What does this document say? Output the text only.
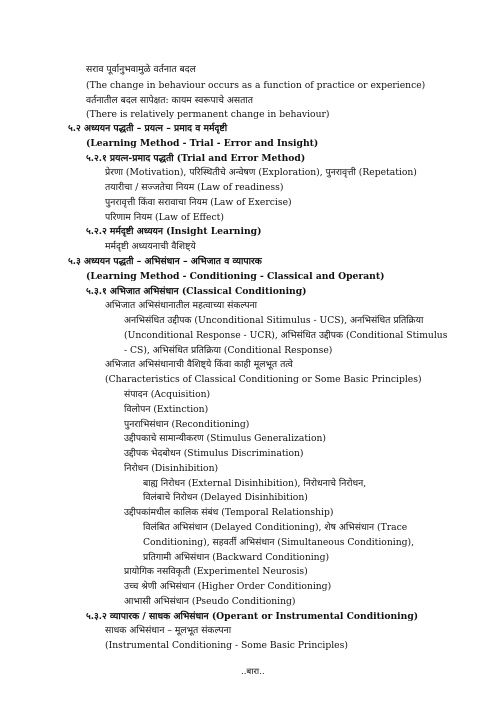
सराव पूर्वानुभवामुळे वर्तनात बदल
(The change in behaviour occurs as a function of practice or experience)
वर्तनातील बदल सापेक्षत: कायम स्वरूपाचे असतात
(There is relatively permanent change in behaviour)
५.२ अध्ययन पद्धती – प्रयत्न – प्रमाद व मर्मदृष्टी
(Learning Method - Trial - Error and Insight)
५.२.१ प्रयत्न-प्रमाद पद्धती (Trial and Error Method)
प्रेरणा (Motivation), परिस्थितीचे अन्वेषण (Exploration), पुनरावृत्ती (Repetation)
तयारीचा / सज्जतेचा नियम (Law of readiness)
पुनरावृत्ती किंवा सरावाचा नियम (Law of Exercise)
परिणाम नियम (Law of Effect)
५.२.२ मर्मदृष्टी अध्ययन (Insight Learning)
मर्मदृष्टी अध्ययनाची वैशिष्ट्ये
५.३ अध्ययन पद्धती – अभिसंधान – अभिजात व व्यापारक
(Learning Method - Conditioning - Classical and Operant)
५.३.१ अभिजात अभिसंधान (Classical Conditioning)
अभिजात अभिसंधानातील महत्वाच्या संकल्पना
अनभिसंधित उद्दीपक (Unconditional Sitimulus - UCS), अनभिसंधित प्रतिक्रिया
(Unconditional Response - UCR), अभिसंधित उद्दीपक (Conditional Stimulus
- CS), अभिसंधित प्रतिक्रिया (Conditional Response)
अभिजात अभिसंधानाची वैशिष्ट्ये किंवा काही मूलभूत तत्वे
(Characteristics of Classical Conditioning or Some Basic Principles)
संपादन (Acquisition)
विलोपन (Extinction)
पुनराभिसंधान (Reconditioning)
उद्दीपकाचे सामान्यीकरण (Stimulus Generalization)
उद्दीपक भेदबोधन (Stimulus Discrimination)
निरोधन (Disinhibition)
बाह्य निरोधन (External Disinhibition), निरोधनाचे निरोधन,
विलंबाचे निरोधन (Delayed Disinhibition)
उद्दीपकांमधील कालिक संबंध (Temporal Relationship)
विलंबित अभिसंधान (Delayed Conditioning), शेष अभिसंधान (Trace
Conditioning), सहवर्ती अभिसंधान (Simultaneous Conditioning),
प्रतिगामी अभिसंधान (Backward Conditioning)
प्रायोगिक नसविकृती (Experimentel Neurosis)
उच्च श्रेणी अभिसंधान (Higher Order Conditioning)
आभासी अभिसंधान (Pseudo Conditioning)
५.३.२ व्यापारक / साधक अभिसंधान (Operant or Instrumental Conditioning)
साधक अभिसंधान – मूलभूत संकल्पना
(Instrumental Conditioning - Some Basic Principles)
..बारा..
